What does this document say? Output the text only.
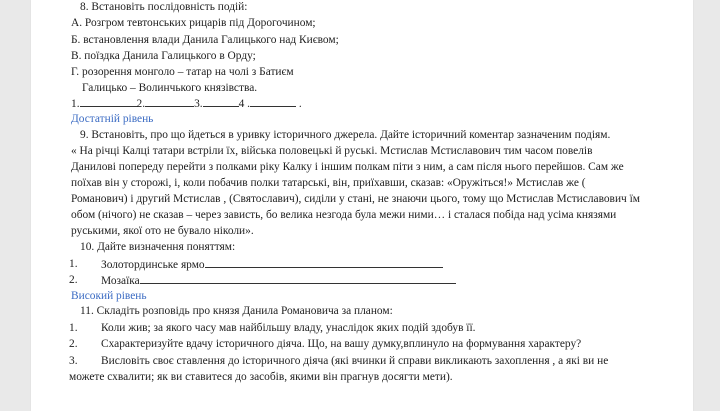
8. Встановіть послідовність подій:
А. Розгром тевтонських рицарів під Дорогочином;
Б. встановлення влади Данила Галицького над Києвом;
В. поїздка Данила Галицького в Орду;
Г. розорення монголо – татар на чолі з Батиєм
Галицько – Волинчького князівства.
1.	2.	3.	4 .	.
Достатній рівень
9. Встановіть, про що йдеться в уривку історичного джерела. Дайте історичний коментар зазначеним подіям.
« На річці Калці татари встріли їх, війська половецькі й руські. Мстислав Мстиславович тим часом повелів
Данилові попереду перейти з полками ріку Калку і іншим полкам піти з ним, а сам після нього перейшов. Сам же
поїхав він у сторожі, і, коли побачив полки татарські, він, приїхавши, сказав: «Оружіться!» Мстислав же (
Романович) і другий Мстислав , (Святославич), сиділи у стані, не знаючи цього, тому що Мстислав Мстиславович їм
обом (нічого) не сказав – через зависть, бо велика незгода була межи ними… і сталася побіда над усіма князями
руськими, якої ото не бувало ніколи».
10. Дайте визначення поняттям:
1. Золотординське ярмо
2. Мозаїка
Високий рівень
11. Складіть розповідь про князя Данила Романовича за планом:
1. Коли жив; за якого часу мав найбільшу владу, унаслідок яких подій здобув її.
2. Схарактеризуйте вдачу історичного діяча. Що, на вашу думку,вплинуло на формування характеру?
3. Висловіть своє ставлення до історичного діяча (які вчинки й справи викликають захоплення , а які ви не
можете схвалити; як ви ставитеся до засобів, якими він прагнув досягти мети).
